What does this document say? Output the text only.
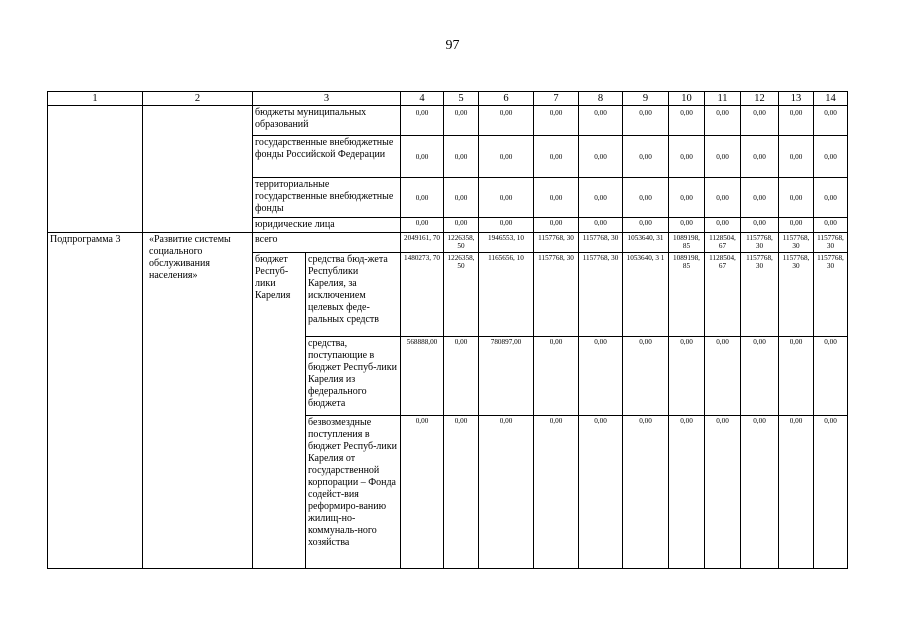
97
1	2	3		4	5	6	7	8	9	10	11	12	13	14
		бюджеты муниципальных образований		0,00	0,00	0,00	0,00	0,00	0,00	0,00	0,00	0,00	0,00	0,00
		государственные внебюджетные фонды Российской Федерации		0,00	0,00	0,00	0,00	0,00	0,00	0,00	0,00	0,00	0,00	0,00
		территориальные государственные внебюджетные фонды		0,00	0,00	0,00	0,00	0,00	0,00	0,00	0,00	0,00	0,00	0,00
		юридические лица		0,00	0,00	0,00	0,00	0,00	0,00	0,00	0,00	0,00	0,00	0,00
Подпрограмма 3	«Развитие системы социального обслуживания населения»	всего		2049161, 70	1226358, 50	1946553, 10	1157768, 30	1157768, 30	1053640, 31	1089198, 85	1128504, 67	1157768, 30	1157768, 30	1157768, 30
		бюджет Респуб-лики Карелия	средства бюд-жета Республики Карелия, за исключением целевых феде-ральных средств	1480273, 70	1226358, 50	1165656, 10	1157768, 30	1157768, 30	1053640, 3 1	1089198, 85	1128504, 67	1157768, 30	1157768, 30	1157768, 30
			средства, поступающие в бюджет Респуб-лики Карелия из федерального бюджета	568888,00	0,00	780897,00	0,00	0,00	0,00	0,00	0,00	0,00	0,00	0,00
			безвозмездные поступления в бюджет Респуб-лики Карелия от государственной корпорации – Фонда содейст-вия реформиро-ванию жилищ-но-коммуналь-ного хозяйства	0,00	0,00	0,00	0,00	0,00	0,00	0,00	0,00	0,00	0,00	0,00
